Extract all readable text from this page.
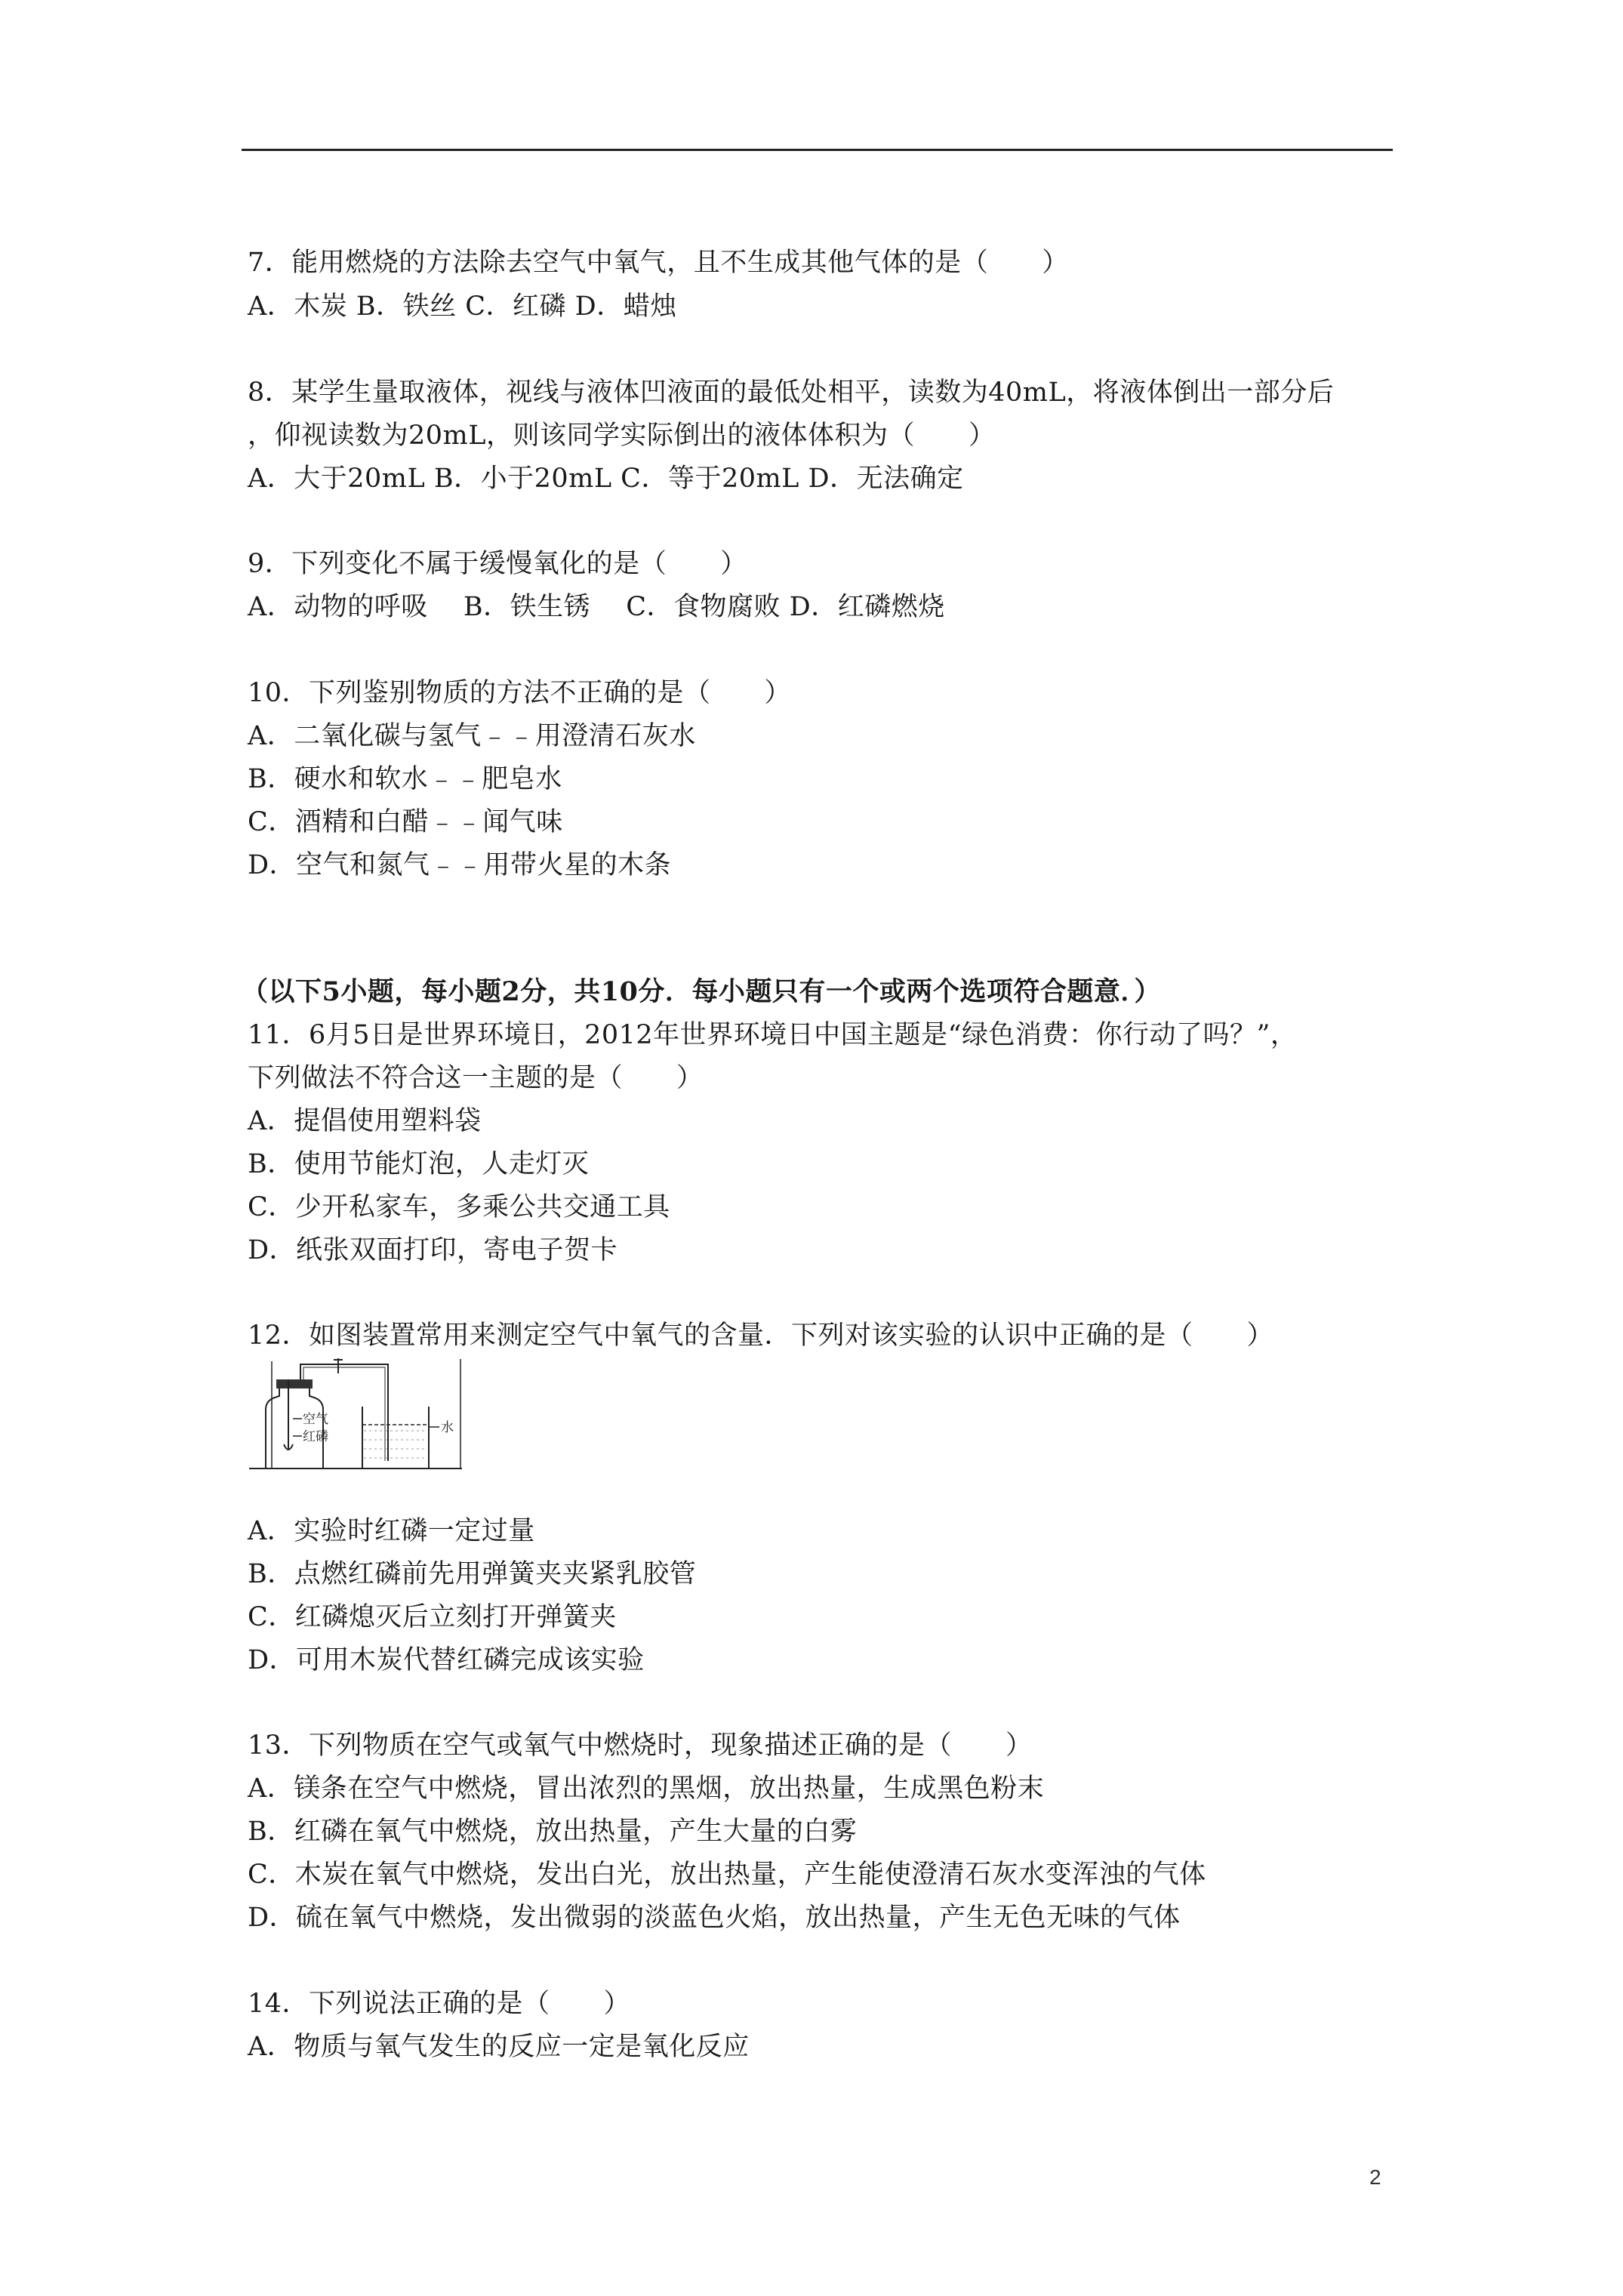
7．能用燃烧的方法除去空气中氧气，且不生成其他气体的是（　　）
A．木炭 B．铁丝 C．红磷 D．蜡烛
8．某学生量取液体，视线与液体凹液面的最低处相平，读数为40mL，将液体倒出一部分后
，仰视读数为20mL，则该同学实际倒出的液体体积为（　　）
A．大于20mL B．小于20mL C．等于20mL D．无法确定
9．下列变化不属于缓慢氧化的是（　　）
A．动物的呼吸　 B．铁生锈　 C．食物腐败 D．红磷燃烧
10．下列鉴别物质的方法不正确的是（　　）
A．二氧化碳与氢气﹣﹣用澄清石灰水
B．硬水和软水﹣﹣肥皂水
C．酒精和白醋﹣﹣闻气味
D．空气和氮气﹣﹣用带火星的木条
（以下5小题，每小题2分，共10分．每小题只有一个或两个选项符合题意．）
11．6月5日是世界环境日，2012年世界环境日中国主题是“绿色消费：你行动了吗？”，
下列做法不符合这一主题的是（　　）
A．提倡使用塑料袋
B．使用节能灯泡，人走灯灭
C．少开私家车，多乘公共交通工具
D．纸张双面打印，寄电子贺卡
12．如图装置常用来测定空气中氧气的含量．下列对该实验的认识中正确的是（　　）
空气
红磷
水
A．实验时红磷一定过量
B．点燃红磷前先用弹簧夹夹紧乳胶管
C．红磷熄灭后立刻打开弹簧夹
D．可用木炭代替红磷完成该实验
13．下列物质在空气或氧气中燃烧时，现象描述正确的是（　　）
A．镁条在空气中燃烧，冒出浓烈的黑烟，放出热量，生成黑色粉末
B．红磷在氧气中燃烧，放出热量，产生大量的白雾
C．木炭在氧气中燃烧，发出白光，放出热量，产生能使澄清石灰水变浑浊的气体
D．硫在氧气中燃烧，发出微弱的淡蓝色火焰，放出热量，产生无色无味的气体
14．下列说法正确的是（　　）
A．物质与氧气发生的反应一定是氧化反应
2
